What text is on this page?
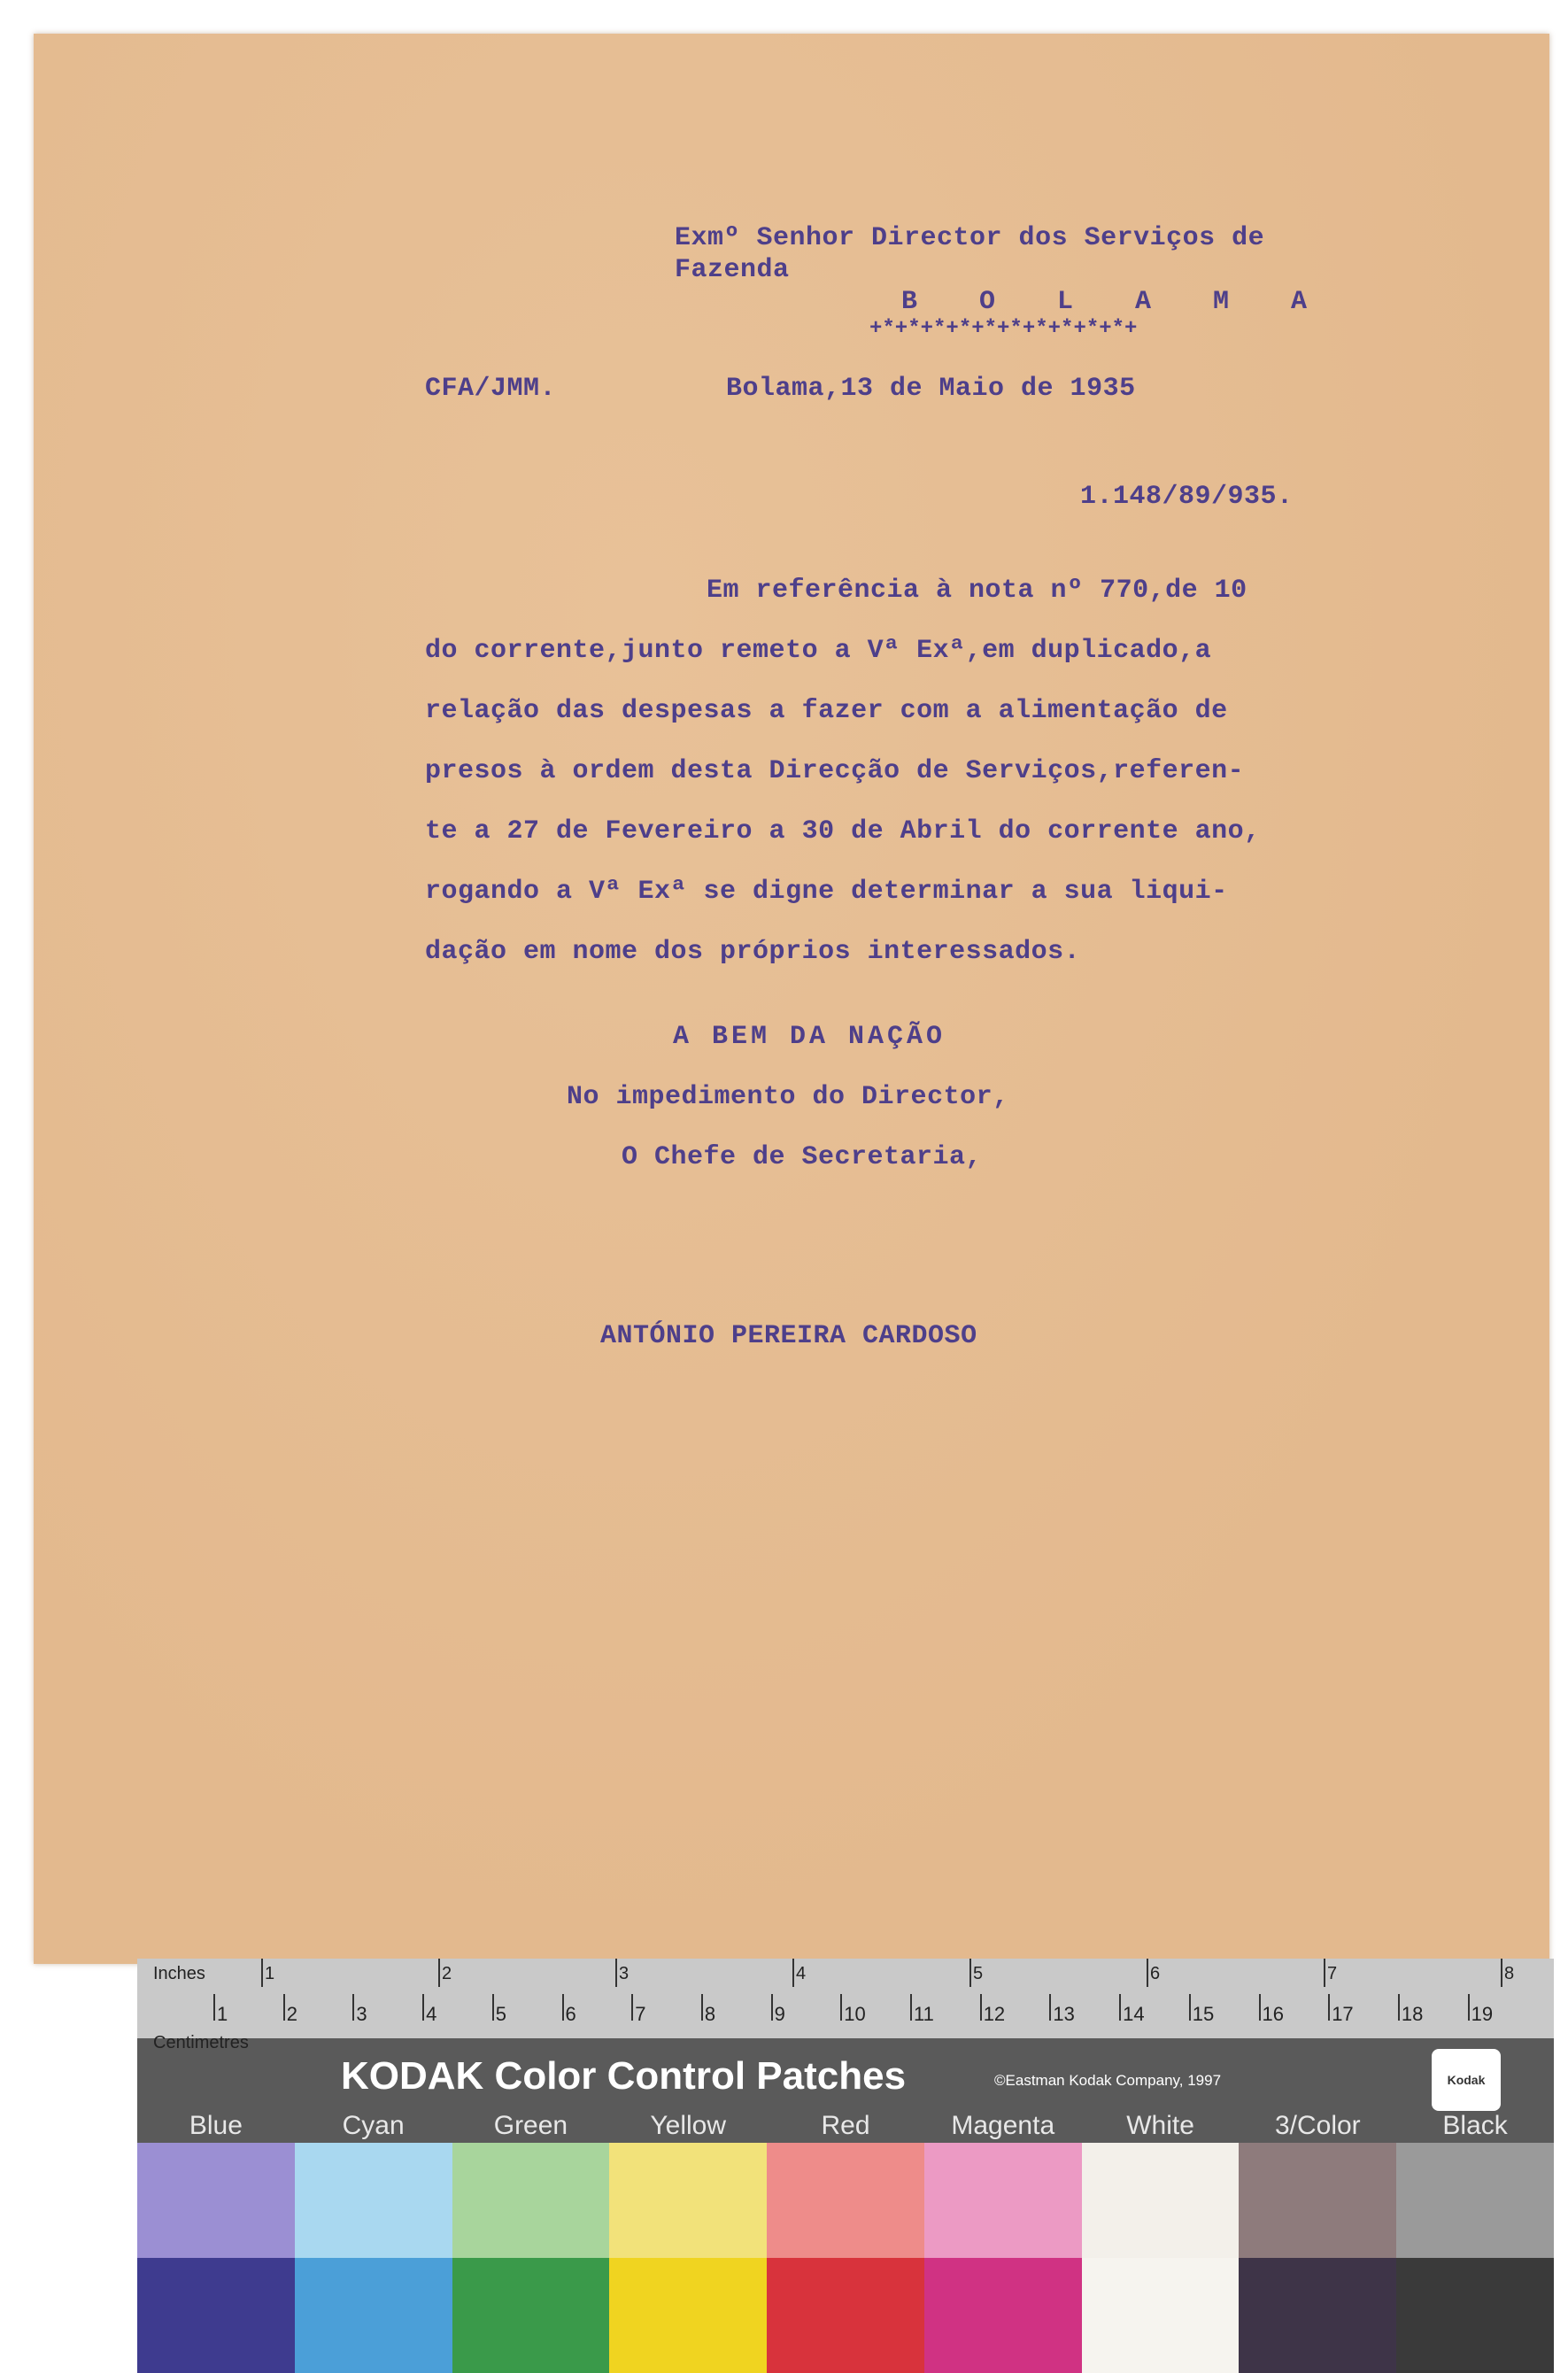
Exmº Senhor Director dos Serviços de
Fazenda
B O L A M A
+*+*+*+*+*+*+*+*+*+*+
CFA/JMM.	Bolama,13 de Maio de 1935
1.148/89/935.
Em referência à nota nº 770,de 10
do corrente,junto remeto a Vª Exª,em duplicado,a
relação das despesas a fazer com a alimentação de
presos à ordem desta Direcção de Serviços,referen-
te a 27 de Fevereiro a 30 de Abril do corrente ano,
rogando a Vª Exª se digne determinar a sua liqui-
dação em nome dos próprios interessados.
A BEM DA NAÇÃO
No impedimento do Director,
O Chefe de Secretaria,
ANTÓNIO PEREIRA CARDOSO
Inches
Centimetres
1	2	3	4	5	6	7	8
1	2	3	4	5	6	7	8	9	10 11	12 13 14 15 16 17 18 19
KODAK Color Control Patches	©Eastman Kodak Company, 1997	Kodak
Blue	Cyan	Green	Yellow	Red	Magenta	White	3/Color	Black
